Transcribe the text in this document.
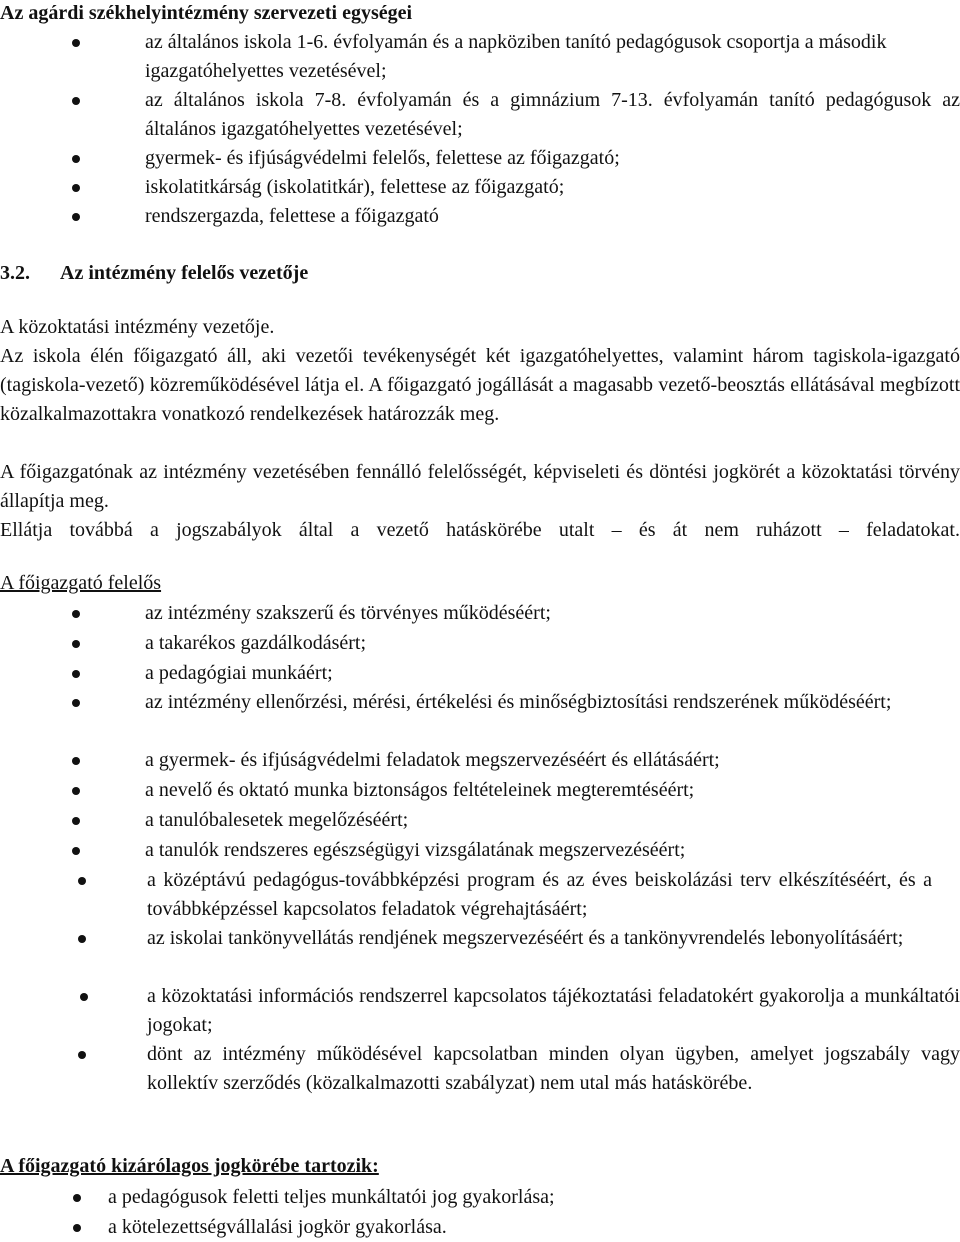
Az agárdi székhelyintézmény szervezeti egységei
az általános iskola 1-6. évfolyamán és a napköziben tanító pedagógusok csoportja a második igazgatóhelyettes vezetésével;
az általános iskola 7-8. évfolyamán és a gimnázium 7-13. évfolyamán tanító pedagógusok az általános igazgatóhelyettes vezetésével;
gyermek- és ifjúságvédelmi felelős, felettese az főigazgató;
iskolatitkárság (iskolatitkár), felettese az főigazgató;
rendszergazda, felettese a főigazgató
3.2. Az intézmény felelős vezetője

A közoktatási intézmény vezetője.

Az iskola élén főigazgató áll, aki vezetői tevékenységét két igazgatóhelyettes, valamint három tagiskola-igazgató (tagiskola-vezető) közreműködésével látja el. A főigazgató jogállását a magasabb vezető-beosztás ellátásával megbízott közalkalmazottakra vonatkozó rendelkezések határozzák meg.

A főigazgatónak az intézmény vezetésében fennálló felelősségét, képviseleti és döntési jogkörét a közoktatási törvény állapítja meg.

Ellátja továbbá a jogszabályok által a vezető hatáskörébe utalt – és át nem ruházott – feladatokat.

A főigazgató felelős
az intézmény szakszerű és törvényes működéséért;
a takarékos gazdálkodásért;
a pedagógiai munkáért;
az intézmény ellenőrzési, mérési, értékelési és minőségbiztosítási rendszerének működéséért;
a gyermek- és ifjúságvédelmi feladatok megszervezéséért és ellátásáért;
a nevelő és oktató munka biztonságos feltételeinek megteremtéséért;
a tanulóbalesetek megelőzéséért;
a tanulók rendszeres egészségügyi vizsgálatának megszervezéséért;
a középtávú pedagógus-továbbképzési program és az éves beiskolázási terv elkészítéséért, és a továbbképzéssel kapcsolatos feladatok végrehajtásáért;
az iskolai tankönyvellátás rendjének megszervezéséért és a tankönyvrendelés lebonyolításáért;
a közoktatási információs rendszerrel kapcsolatos tájékoztatási feladatokért gyakorolja a munkáltatói jogokat;
dönt az intézmény működésével kapcsolatban minden olyan ügyben, amelyet jogszabály vagy kollektív szerződés (közalkalmazotti szabályzat) nem utal más hatáskörébe.
A főigazgató kizárólagos jogkörébe tartozik:
a pedagógusok feletti teljes munkáltatói jog gyakorlása;
a kötelezettségvállalási jogkör gyakorlása.
